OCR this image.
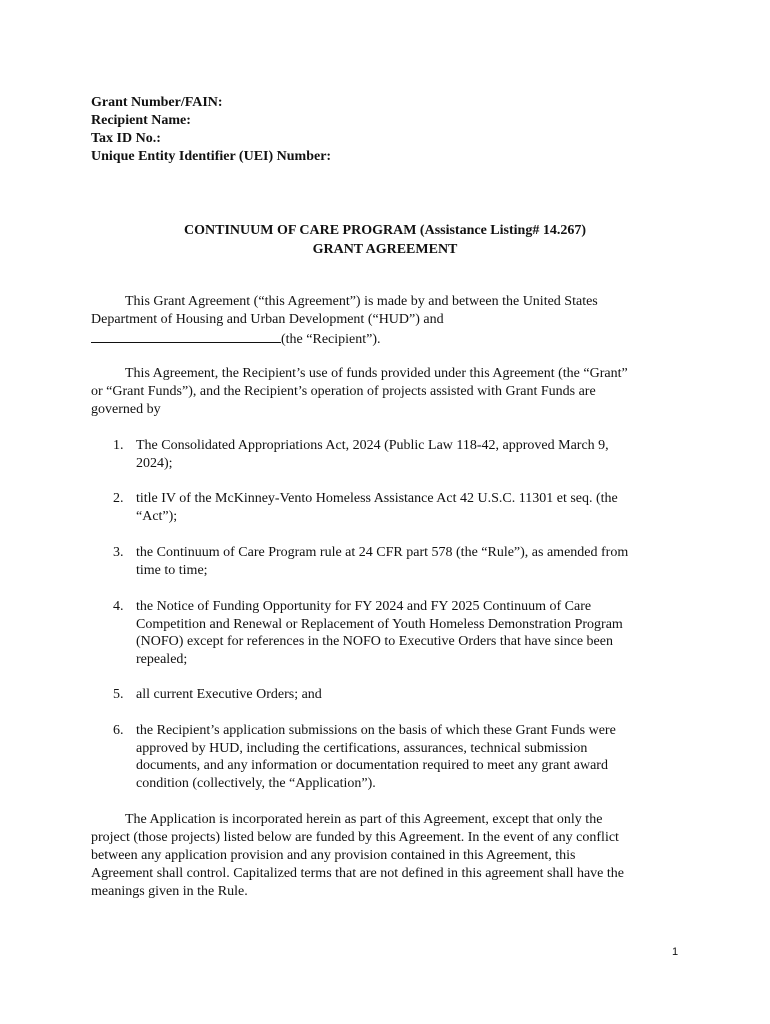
Grant Number/FAIN:
Recipient Name:
Tax ID No.:
Unique Entity Identifier (UEI) Number:
CONTINUUM OF CARE PROGRAM (Assistance Listing# 14.267)
GRANT AGREEMENT
This Grant Agreement (“this Agreement”) is made by and between the United States
Department of Housing and Urban Development (“HUD”) and
(the “Recipient”).
This Agreement, the Recipient’s use of funds provided under this Agreement (the “Grant”
or “Grant Funds”), and the Recipient’s operation of projects assisted with Grant Funds are
governed by
1. The Consolidated Appropriations Act, 2024 (Public Law 118-42, approved March 9,
2024);
2. title IV of the McKinney-Vento Homeless Assistance Act 42 U.S.C. 11301 et seq. (the
“Act”);
3. the Continuum of Care Program rule at 24 CFR part 578 (the “Rule”), as amended from
time to time;
4. the Notice of Funding Opportunity for FY 2024 and FY 2025 Continuum of Care
Competition and Renewal or Replacement of Youth Homeless Demonstration Program
(NOFO) except for references in the NOFO to Executive Orders that have since been
repealed;
5. all current Executive Orders; and
6. the Recipient’s application submissions on the basis of which these Grant Funds were
approved by HUD, including the certifications, assurances, technical submission
documents, and any information or documentation required to meet any grant award
condition (collectively, the “Application”).
The Application is incorporated herein as part of this Agreement, except that only the
project (those projects) listed below are funded by this Agreement. In the event of any conflict
between any application provision and any provision contained in this Agreement, this
Agreement shall control. Capitalized terms that are not defined in this agreement shall have the
meanings given in the Rule.
1
